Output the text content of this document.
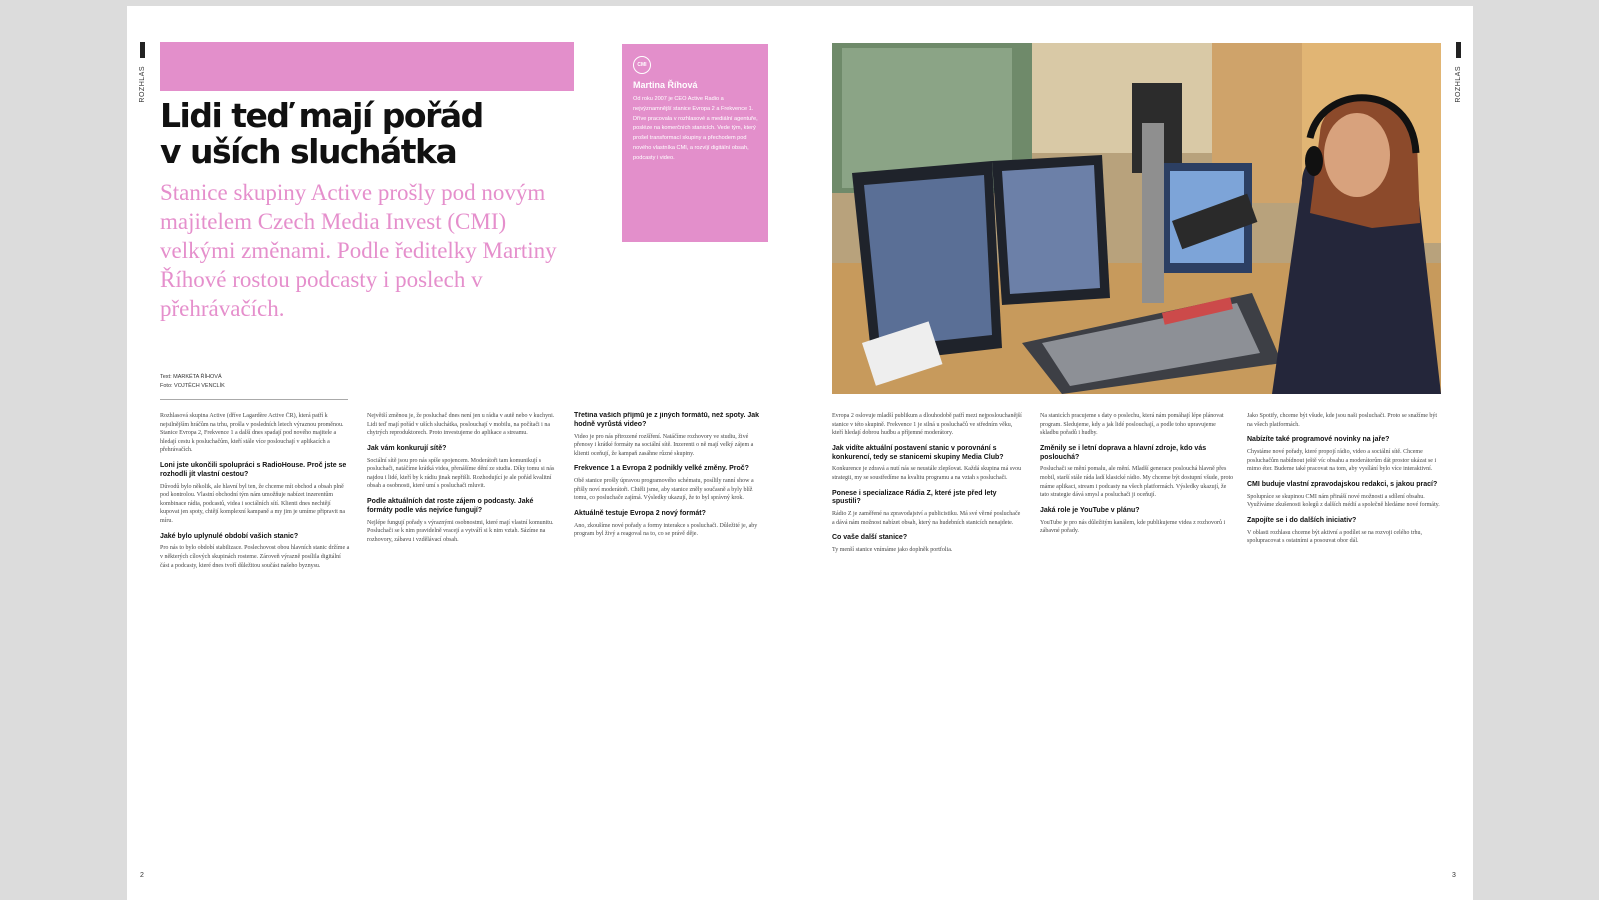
ROZHLAS	ROZHLAS
Lidi teď mají pořád
v uších sluchátka

Stanice skupiny Active prošly pod novým majitelem Czech Media Invest (CMI) velkými změnami. Podle ředitelky Martiny Říhové rostou podcasty i poslech v přehrávačích.

CMI
Martina Říhová

Od roku 2007 je CEO Active Radio a nejvýznamnější stanice Evropa 2 a Frekvence 1. Dříve pracovala v rozhlasové a mediální agentuře, posléze na komerčních stanicích. Vede tým, který prošel transformací skupiny a přechodem pod nového vlastníka CMI, a rozvíjí digitální obsah, podcasty i video.

Text: MARKÉTA ŘÍHOVÁ
Foto: VOJTĚCH VENCLÍK

Rozhlasová skupina Active (dříve Lagardère Active ČR), která patří k nejsilnějším hráčům na trhu, prošla v posledních letech výraznou proměnou. Stanice Evropa 2, Frekvence 1 a další dnes spadají pod nového majitele a hledají cestu k posluchačům, kteří stále více poslouchají v aplikacích a přehrávačích.

Loni jste ukončili spolupráci s RadioHouse. Proč jste se rozhodli jít vlastní cestou?

Důvodů bylo několik, ale hlavní byl ten, že chceme mít obchod a obsah plně pod kontrolou. Vlastní obchodní tým nám umožňuje nabízet inzerentům kombinace rádia, podcastů, videa i sociálních sítí. Klienti dnes nechtějí kupovat jen spoty, chtějí komplexní kampaně a my jim je umíme připravit na míru.

Jaké bylo uplynulé období vašich stanic?

Pro nás to bylo období stabilizace. Poslechovost obou hlavních stanic držíme a v některých cílových skupinách rosteme. Zároveň výrazně posílila digitální část a podcasty, které dnes tvoří důležitou součást našeho byznysu.

Největší změnou je, že posluchač dnes není jen u rádia v autě nebo v kuchyni. Lidi teď mají pořád v uších sluchátka, poslouchají v mobilu, na počítači i na chytrých reproduktorech. Proto investujeme do aplikace a streamu.

Jak vám konkurují sítě?

Sociální sítě jsou pro nás spíše spojencem. Moderátoři tam komunikují s posluchači, natáčíme krátká videa, přenášíme dění ze studia. Díky tomu si nás najdou i lidé, kteří by k rádiu jinak nepřišli. Rozhodující je ale pořád kvalitní obsah a osobnosti, které umí s posluchači mluvit.

Podle aktuálních dat roste zájem o podcasty. Jaké formáty podle vás nejvíce fungují?

Nejlépe fungují pořady s výraznými osobnostmi, které mají vlastní komunitu. Posluchači se k nim pravidelně vracejí a vytváří si k nim vztah. Sázíme na rozhovory, zábavu i vzdělávací obsah.

Třetina vašich příjmů je z jiných formátů, než spoty. Jak hodně vyrůstá video?

Video je pro nás přirozené rozšíření. Natáčíme rozhovory ve studiu, živé přenosy i krátké formáty na sociální sítě. Inzerenti o ně mají velký zájem a klienti oceňují, že kampaň zasáhne různé skupiny.

Frekvence 1 a Evropa 2 podnikly velké změny. Proč?

Obě stanice prošly úpravou programového schématu, posílily ranní show a přišly noví moderátoři. Chtěli jsme, aby stanice zněly současně a byly blíž tomu, co posluchače zajímá. Výsledky ukazují, že to byl správný krok.

Aktuálně testuje Evropa 2 nový formát?

Ano, zkoušíme nové pořady a formy interakce s posluchači. Důležité je, aby program byl živý a reagoval na to, co se právě děje.

Evropa 2 oslovuje mladší publikum a dlouhodobě patří mezi nejposlouchanější stanice v této skupině. Frekvence 1 je silná u posluchačů ve středním věku, kteří hledají dobrou hudbu a příjemné moderátory.

Jak vidíte aktuální postavení stanic v porovnání s konkurencí, tedy se stanicemi skupiny Media Club?

Konkurence je zdravá a nutí nás se neustále zlepšovat. Každá skupina má svou strategii, my se soustředíme na kvalitu programu a na vztah s posluchači.

Ponese i specializace Rádia Z, které jste před lety spustili?

Rádio Z je zaměřené na zpravodajství a publicistiku. Má své věrné posluchače a dává nám možnost nabízet obsah, který na hudebních stanicích nenajdete.

Co vaše další stanice?

Ty menší stanice vnímáme jako doplněk portfolia.

Na stanicích pracujeme s daty o poslechu, která nám pomáhají lépe plánovat program. Sledujeme, kdy a jak lidé poslouchají, a podle toho upravujeme skladbu pořadů i hudby.

Změnily se i letní doprava a hlavní zdroje, kdo vás poslouchá?

Posluchači se mění pomalu, ale mění. Mladší generace poslouchá hlavně přes mobil, starší stále ráda ladí klasické rádio. My chceme být dostupní všude, proto máme aplikaci, stream i podcasty na všech platformách. Výsledky ukazují, že tato strategie dává smysl a posluchači ji oceňují.

Jaká role je YouTube v plánu?

YouTube je pro nás důležitým kanálem, kde publikujeme videa z rozhovorů i zábavné pořady.

Jako Spotify, chceme být všude, kde jsou naši posluchači. Proto se snažíme být na všech platformách.

Nabízíte také programové novinky na jaře?

Chystáme nové pořady, které propojí rádio, video a sociální sítě. Chceme posluchačům nabídnout ještě víc obsahu a moderátorům dát prostor ukázat se i mimo éter. Budeme také pracovat na tom, aby vysílání bylo více interaktivní.

CMI buduje vlastní zpravodajskou redakci, s jakou prací?

Spolupráce se skupinou CMI nám přináší nové možnosti a sdílení obsahu. Využíváme zkušenosti kolegů z dalších médií a společně hledáme nové formáty.

Zapojíte se i do dalších iniciativ?

V oblasti rozhlasu chceme být aktivní a podílet se na rozvoji celého trhu, spolupracovat s ostatními a posouvat obor dál.

2	3
